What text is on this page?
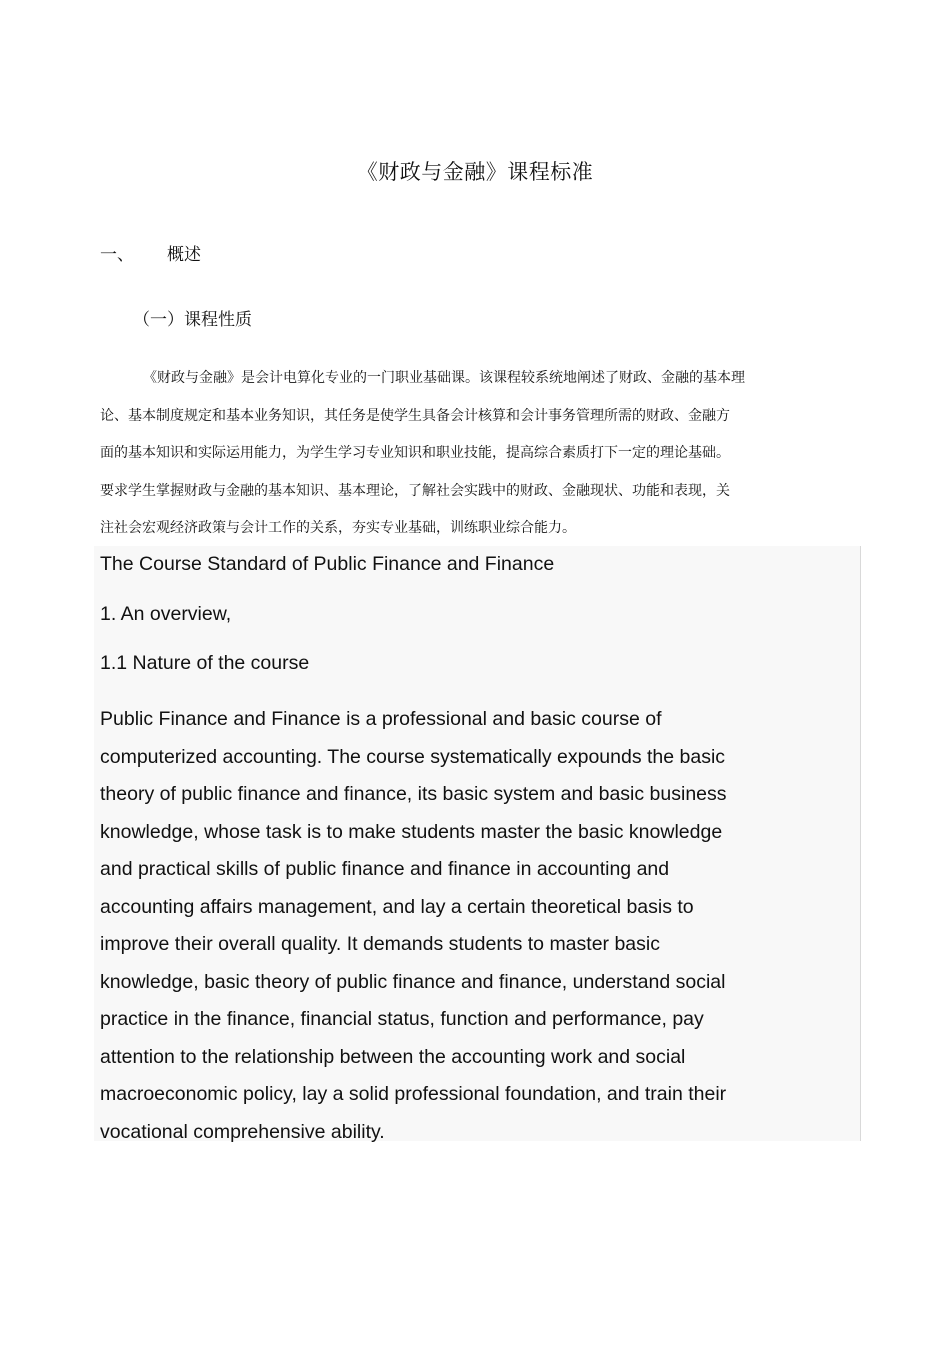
《财政与金融》课程标准
一、 概述
（一）课程性质

《财政与金融》是会计电算化专业的一门职业基础课。该课程较系统地阐述了财政、金融的基本理
论、基本制度规定和基本业务知识，其任务是使学生具备会计核算和会计事务管理所需的财政、金融方
面的基本知识和实际运用能力，为学生学习专业知识和职业技能，提高综合素质打下一定的理论基础。
要求学生掌握财政与金融的基本知识、基本理论，了解社会实践中的财政、金融现状、功能和表现，关
注社会宏观经济政策与会计工作的关系，夯实专业基础，训练职业综合能力。

The Course Standard of Public Finance and Finance
1. An overview,
1.1 Nature of the course

Public Finance and Finance is a professional and basic course of
computerized accounting. The course systematically expounds the basic
theory of public finance and finance, its basic system and basic business
knowledge, whose task is to make students master the basic knowledge
and practical skills of public finance and finance in accounting and
accounting affairs management, and lay a certain theoretical basis to
improve their overall quality. It demands students to master basic
knowledge, basic theory of public finance and finance, understand social
practice in the finance, financial status, function and performance, pay
attention to the relationship between the accounting work and social
macroeconomic policy, lay a solid professional foundation, and train their
vocational comprehensive ability.
